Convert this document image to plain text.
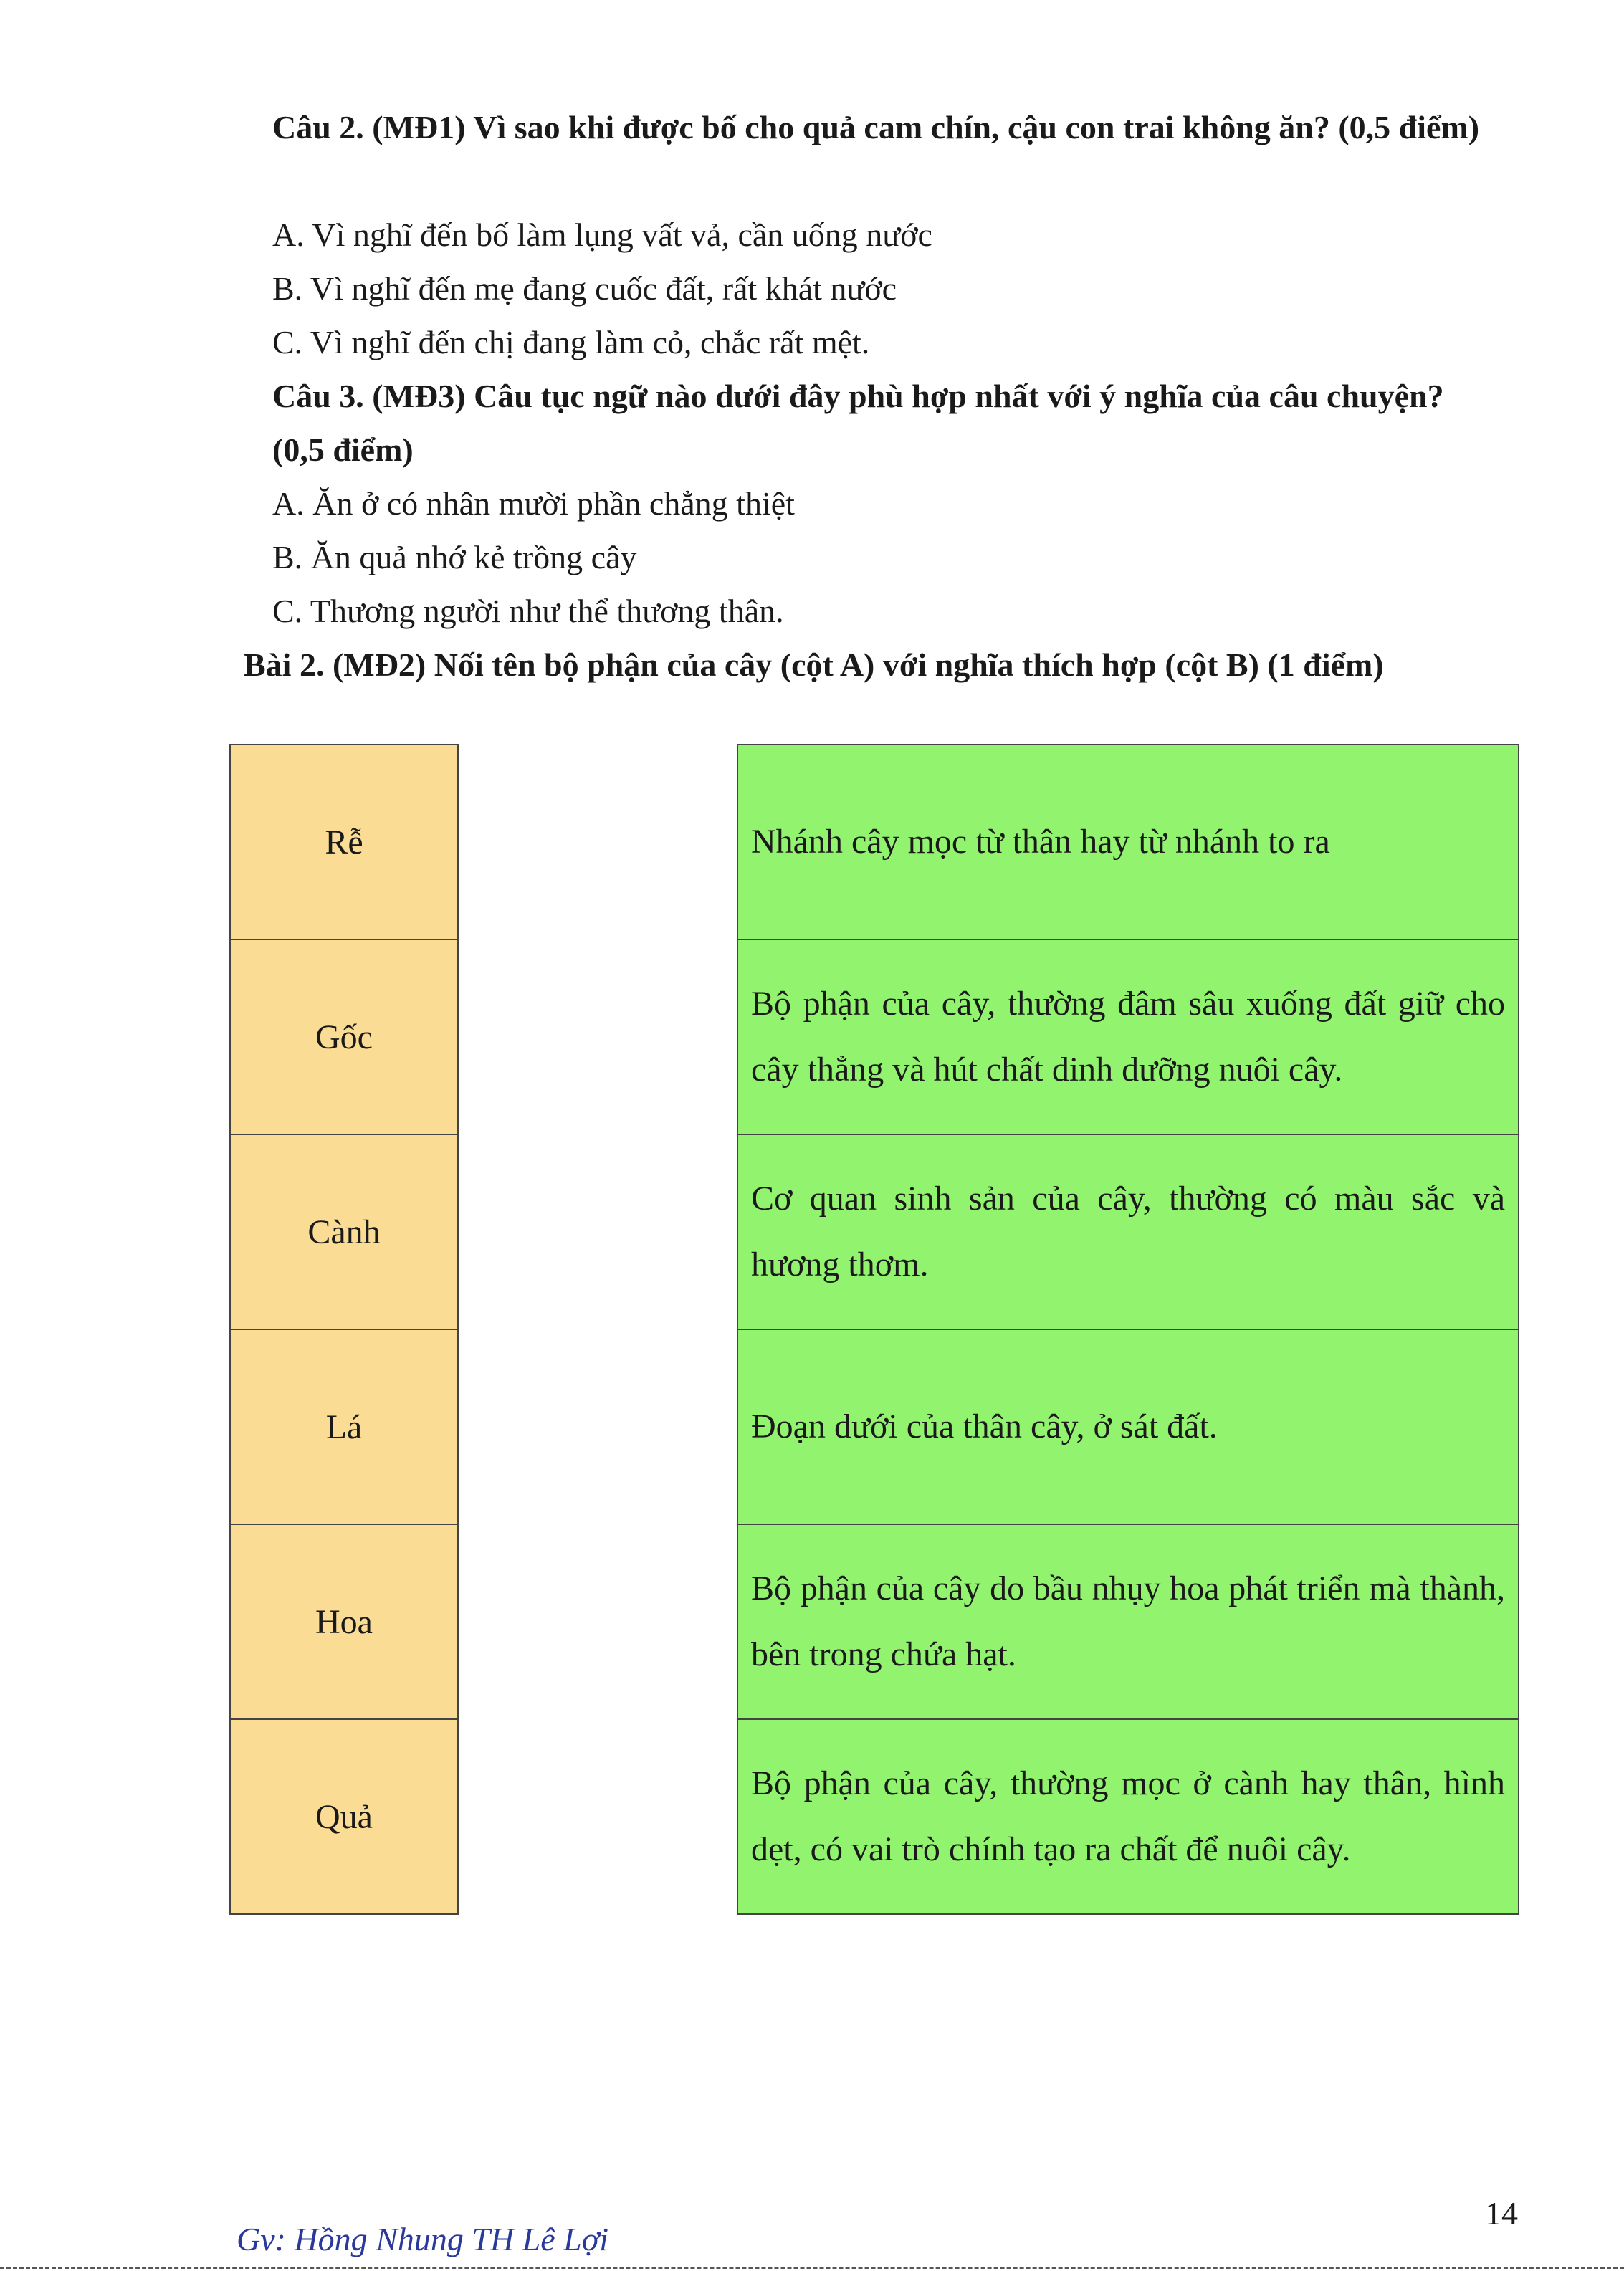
Câu 2. (MĐ1) Vì sao khi được bố cho quả cam chín, cậu con trai không ăn? (0,5 điểm)
A. Vì nghĩ đến bố làm lụng vất vả, cần uống nước
B. Vì nghĩ đến mẹ đang cuốc đất, rất khát nước
C. Vì nghĩ đến chị đang làm cỏ, chắc rất mệt.
Câu 3. (MĐ3) Câu tục ngữ nào dưới đây phù hợp nhất với ý nghĩa của câu chuyện? (0,5 điểm)
A. Ăn ở có nhân mười phần chẳng thiệt
B. Ăn quả nhớ kẻ trồng cây
C. Thương người như thể thương thân.
Bài 2. (MĐ2) Nối tên bộ phận của cây (cột A) với nghĩa thích hợp (cột B) (1 điểm)
Rễ
Gốc
Cành
Lá
Hoa
Quả
Nhánh cây mọc từ thân hay từ nhánh to ra
Bộ phận của cây, thường đâm sâu xuống đất giữ cho cây thẳng và hút chất dinh dưỡng nuôi cây.
Cơ quan sinh sản của cây, thường có màu sắc và hương thơm.
Đoạn dưới của thân cây, ở sát đất.
Bộ phận của cây do bầu nhụy hoa phát triển mà thành, bên trong chứa hạt.
Bộ phận của cây, thường mọc ở cành hay thân, hình dẹt, có vai trò chính tạo ra chất để nuôi cây.
14
Gv: Hồng Nhung TH Lê Lợi
